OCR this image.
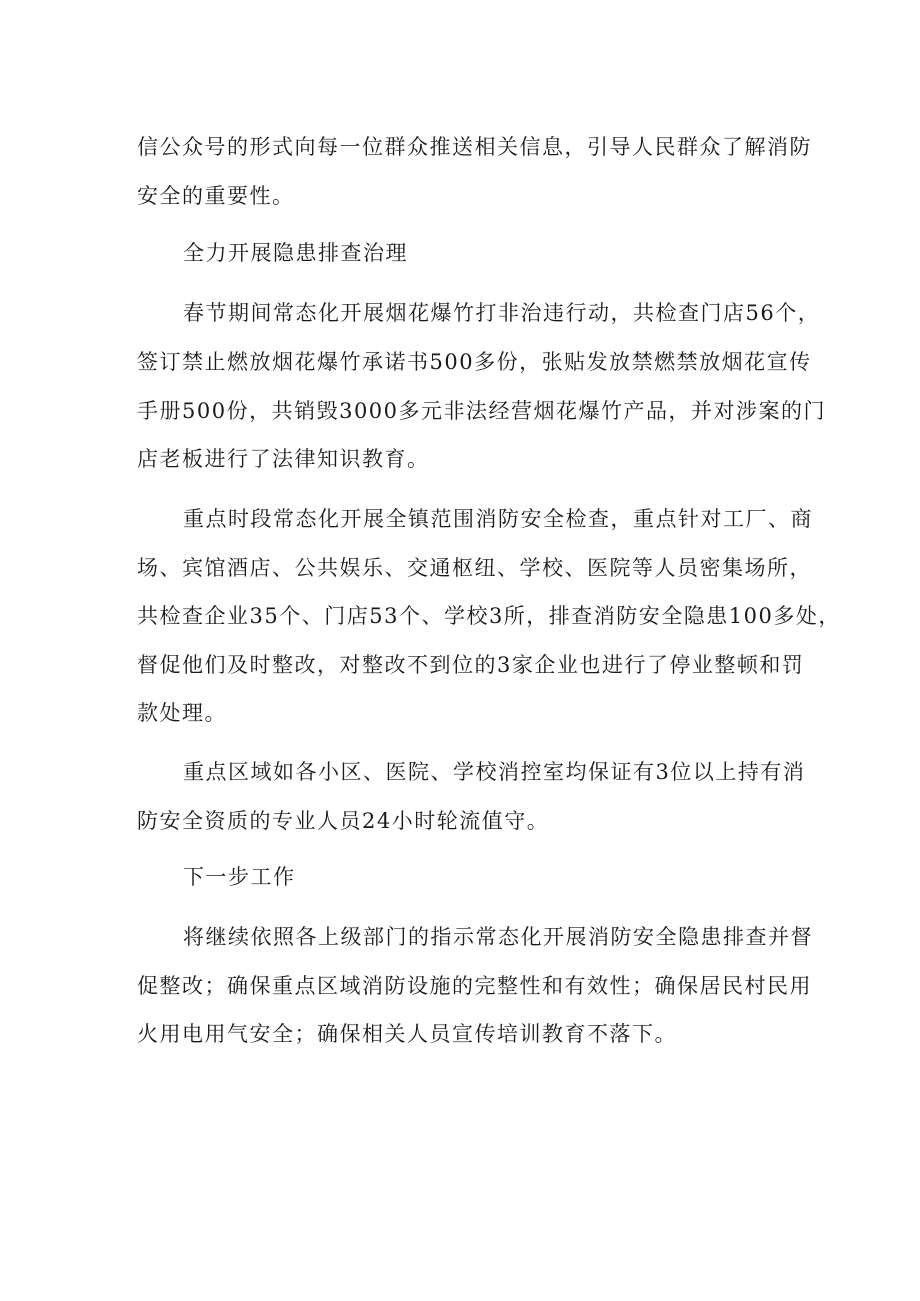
信公众号的形式向每一位群众推送相关信息，引导人民群众了解消防
安全的重要性。
全力开展隐患排查治理
春节期间常态化开展烟花爆竹打非治违行动，共检查门店56个，
签订禁止燃放烟花爆竹承诺书500多份，张贴发放禁燃禁放烟花宣传
手册500份，共销毁3000多元非法经营烟花爆竹产品，并对涉案的门
店老板进行了法律知识教育。
重点时段常态化开展全镇范围消防安全检查，重点针对工厂、商
场、宾馆酒店、公共娱乐、交通枢纽、学校、医院等人员密集场所，
共检查企业35个、门店53个、学校3所，排查消防安全隐患100多处，
督促他们及时整改，对整改不到位的3家企业也进行了停业整顿和罚
款处理。
重点区域如各小区、医院、学校消控室均保证有3位以上持有消
防安全资质的专业人员24小时轮流值守。
下一步工作
将继续依照各上级部门的指示常态化开展消防安全隐患排查并督
促整改；确保重点区域消防设施的完整性和有效性；确保居民村民用
火用电用气安全；确保相关人员宣传培训教育不落下。
